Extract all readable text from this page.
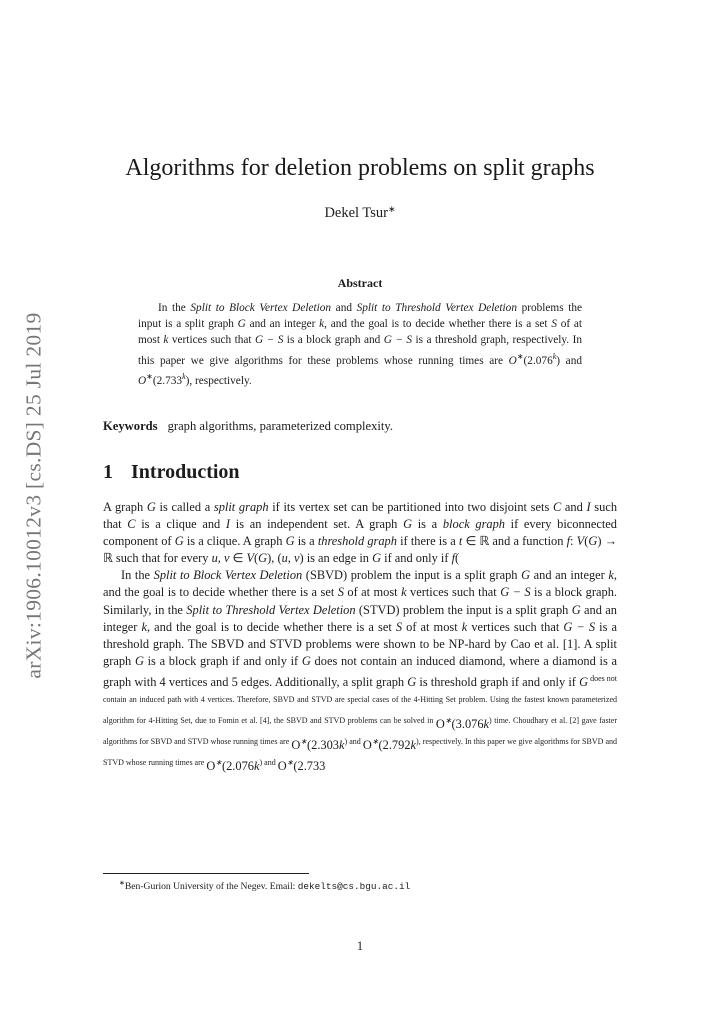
arXiv:1906.10012v3 [cs.DS] 25 Jul 2019
Algorithms for deletion problems on split graphs
Dekel Tsur∗
Abstract
In the Split to Block Vertex Deletion and Split to Threshold Vertex Deletion problems the input is a split graph G and an integer k, and the goal is to decide whether there is a set S of at most k vertices such that G − S is a block graph and G − S is a threshold graph, respectively. In this paper we give algorithms for these problems whose running times are O∗(2.076$^k$) and O∗(2.733$^k$), respectively.
Keywords graph algorithms, parameterized complexity.
1 Introduction

A graph G is called a split graph if its vertex set can be partitioned into two disjoint sets C and I such that C is a clique and I is an independent set. A graph G is a block graph if every biconnected component of G is a clique. A graph G is a threshold graph if there is a t ∈ ℝ and a function f: V(G) → ℝ such that for every u, v ∈ V(G), (u, v) is an edge in G if and only if f(

In the Split to Block Vertex Deletion (SBVD) problem the input is a split graph G and an integer k, and the goal is to decide whether there is a set S of at most k vertices such that G − S is a block graph. Similarly, in the Split to Threshold Vertex Deletion (STVD) problem the input is a split graph G and an integer k, and the goal is to decide whether there is a set S of at most k vertices such that G − S is a threshold graph. The SBVD and STVD problems were shown to be NP-hard by Cao et al. [1]. A split graph G is a block graph if and only if G does not contain an induced diamond, where a diamond is a graph with 4 vertices and 5 edges. Additionally, a split graph G is threshold graph if and only if G $^{does not contain an induced path with 4 vertices. Therefore, SBVD and STVD are special cases of the 4-Hitting Set problem. Using the fastest known parameterized algorithm for 4-Hitting Set, due to Fomin et al. [4], the SBVD and STVD problems can be solved in}$ $O^∗(3.076k^{) time. Choudhary et al. [2] gave faster algorithms for SBVD and STVD whose running times are}$ $O^∗(2.303k^{) and}$ $O^∗(2.792k^{), respectively. In this paper we give algorithms for SBVD and STVD whose running times are}$ $O^∗(2.076k^{) and}$ O∗(2.733

∗Ben-Gurion University of the Negev. Email: dekelts@cs.bgu.ac.il
1
